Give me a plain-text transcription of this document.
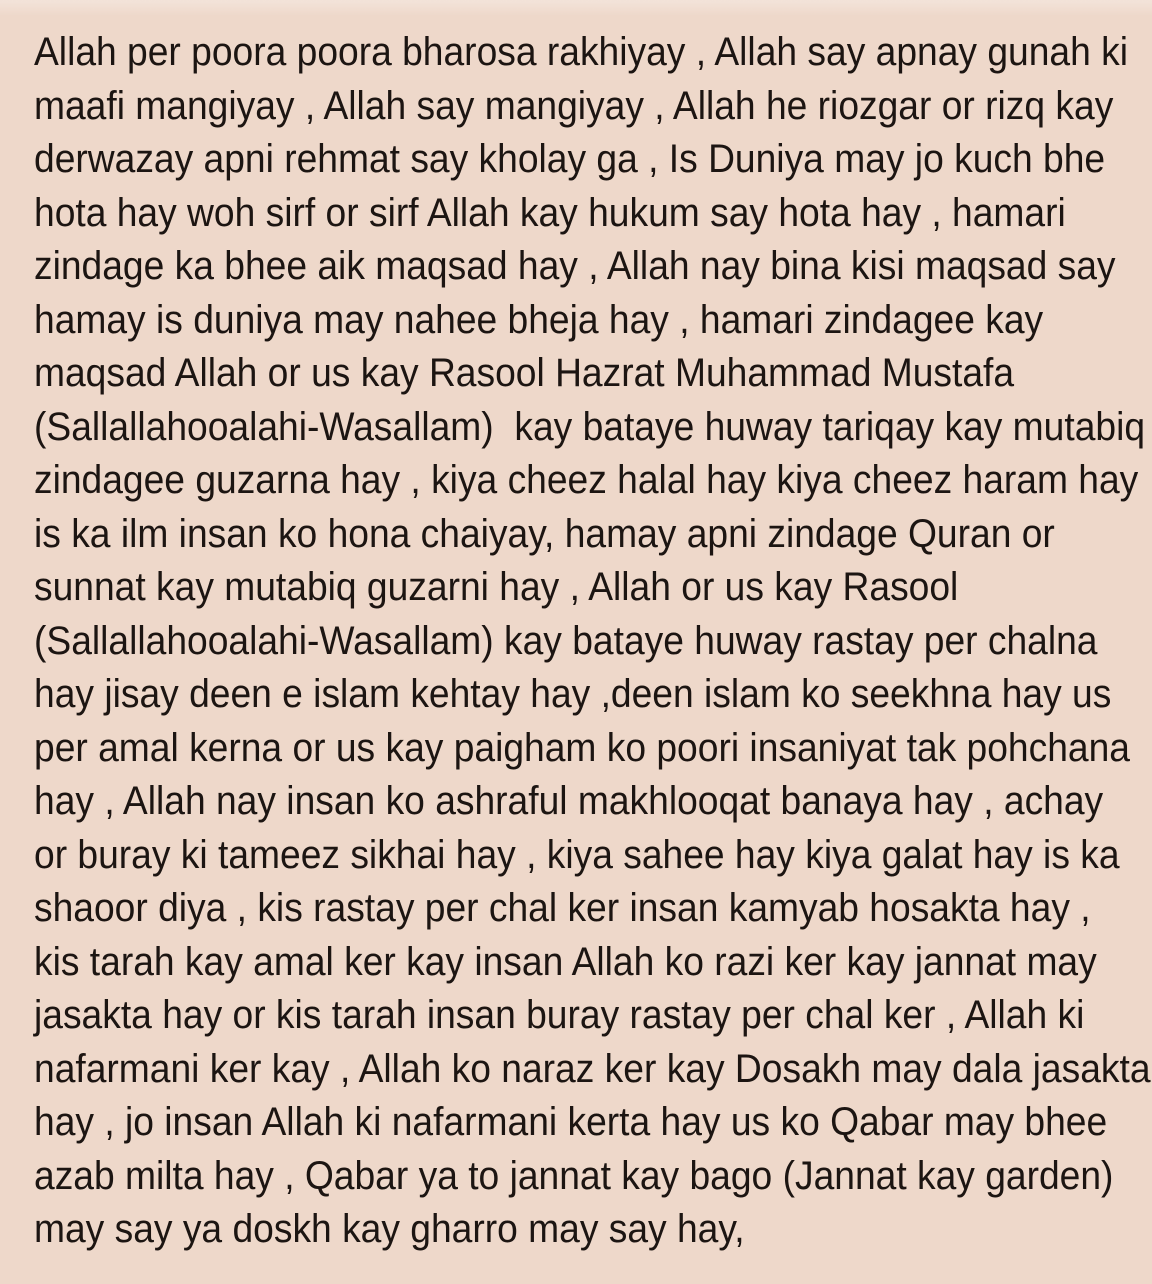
Allah per poora poora bharosa rakhiyay , Allah say apnay gunah ki
maafi mangiyay , Allah say mangiyay , Allah he riozgar or rizq kay
derwazay apni rehmat say kholay ga , Is Duniya may jo kuch bhe
hota hay woh sirf or sirf Allah kay hukum say hota hay , hamari
zindage ka bhee aik maqsad hay , Allah nay bina kisi maqsad say
hamay is duniya may nahee bheja hay , hamari zindagee kay
maqsad Allah or us kay Rasool Hazrat Muhammad Mustafa
(Sallallahooalahi-Wasallam)  kay bataye huway tariqay kay mutabiq
zindagee guzarna hay , kiya cheez halal hay kiya cheez haram hay
is ka ilm insan ko hona chaiyay, hamay apni zindage Quran or
sunnat kay mutabiq guzarni hay , Allah or us kay Rasool
(Sallallahooalahi-Wasallam) kay bataye huway rastay per chalna
hay jisay deen e islam kehtay hay ,deen islam ko seekhna hay us
per amal kerna or us kay paigham ko poori insaniyat tak pohchana
hay , Allah nay insan ko ashraful makhlooqat banaya hay , achay
or buray ki tameez sikhai hay , kiya sahee hay kiya galat hay is ka
shaoor diya , kis rastay per chal ker insan kamyab hosakta hay ,
kis tarah kay amal ker kay insan Allah ko razi ker kay jannat may
jasakta hay or kis tarah insan buray rastay per chal ker , Allah ki
nafarmani ker kay , Allah ko naraz ker kay Dosakh may dala jasakta
hay , jo insan Allah ki nafarmani kerta hay us ko Qabar may bhee
azab milta hay , Qabar ya to jannat kay bago (Jannat kay garden)
may say ya doskh kay gharro may say hay,
